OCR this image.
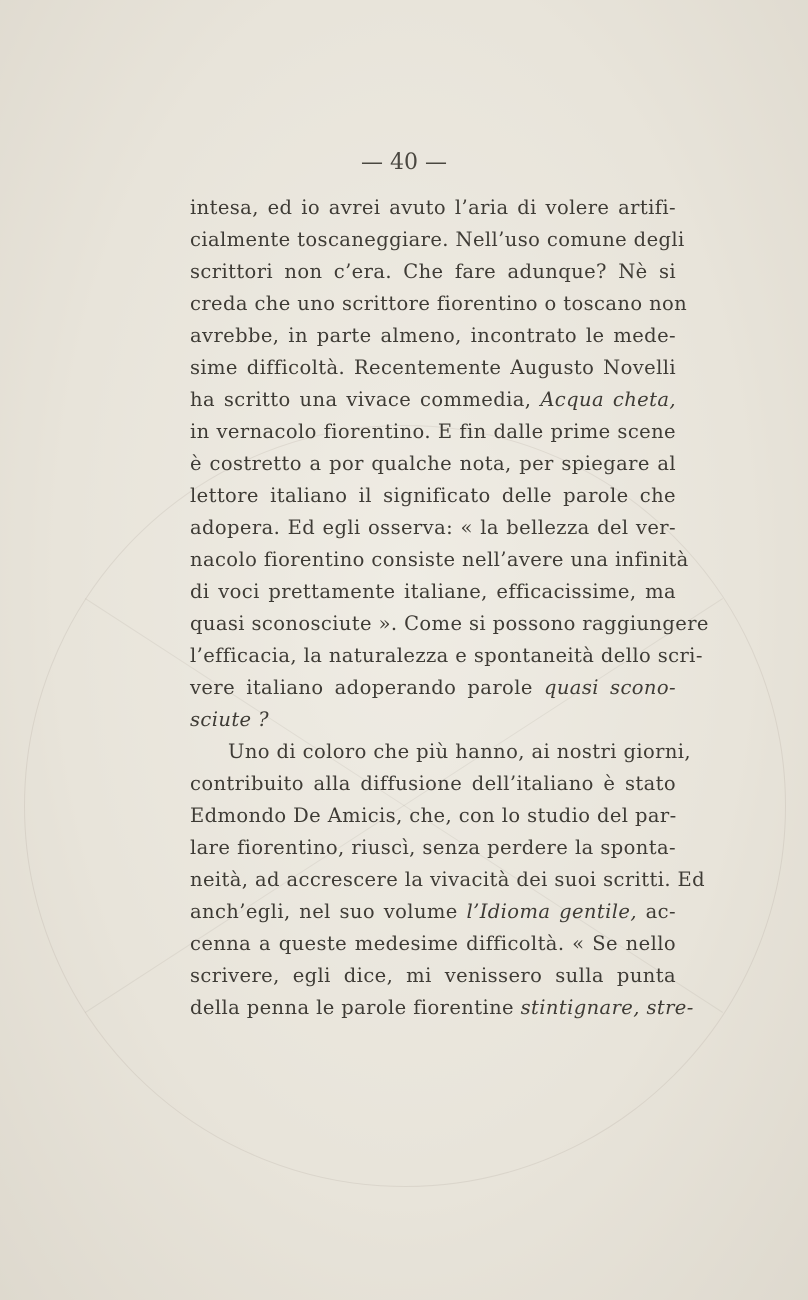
— 40 —
intesa, ed io avrei avuto l’aria di volere artifi-
cialmente toscaneggiare. Nell’uso comune degli
scrittori non c’era. Che fare adunque? Nè si
creda che uno scrittore fiorentino o toscano non
avrebbe, in parte almeno, incontrato le mede-
sime difficoltà. Recentemente Augusto Novelli
ha scritto una vivace commedia, Acqua cheta,
in vernacolo fiorentino. E fin dalle prime scene
è costretto a por qualche nota, per spiegare al
lettore italiano il significato delle parole che
adopera. Ed egli osserva: « la bellezza del ver-
nacolo fiorentino consiste nell’avere una infinità
di voci prettamente italiane, efficacissime, ma
quasi sconosciute ». Come si possono raggiungere
l’efficacia, la naturalezza e spontaneità dello scri-
vere italiano adoperando parole quasi scono-
sciute ?
Uno di coloro che più hanno, ai nostri giorni,
contribuito alla diffusione dell’italiano è stato
Edmondo De Amicis, che, con lo studio del par-
lare fiorentino, riuscì, senza perdere la sponta-
neità, ad accrescere la vivacità dei suoi scritti. Ed
anch’egli, nel suo volume l’Idioma gentile, ac-
cenna a queste medesime difficoltà. « Se nello
scrivere, egli dice, mi venissero sulla punta
della penna le parole fiorentine stintignare, stre-
